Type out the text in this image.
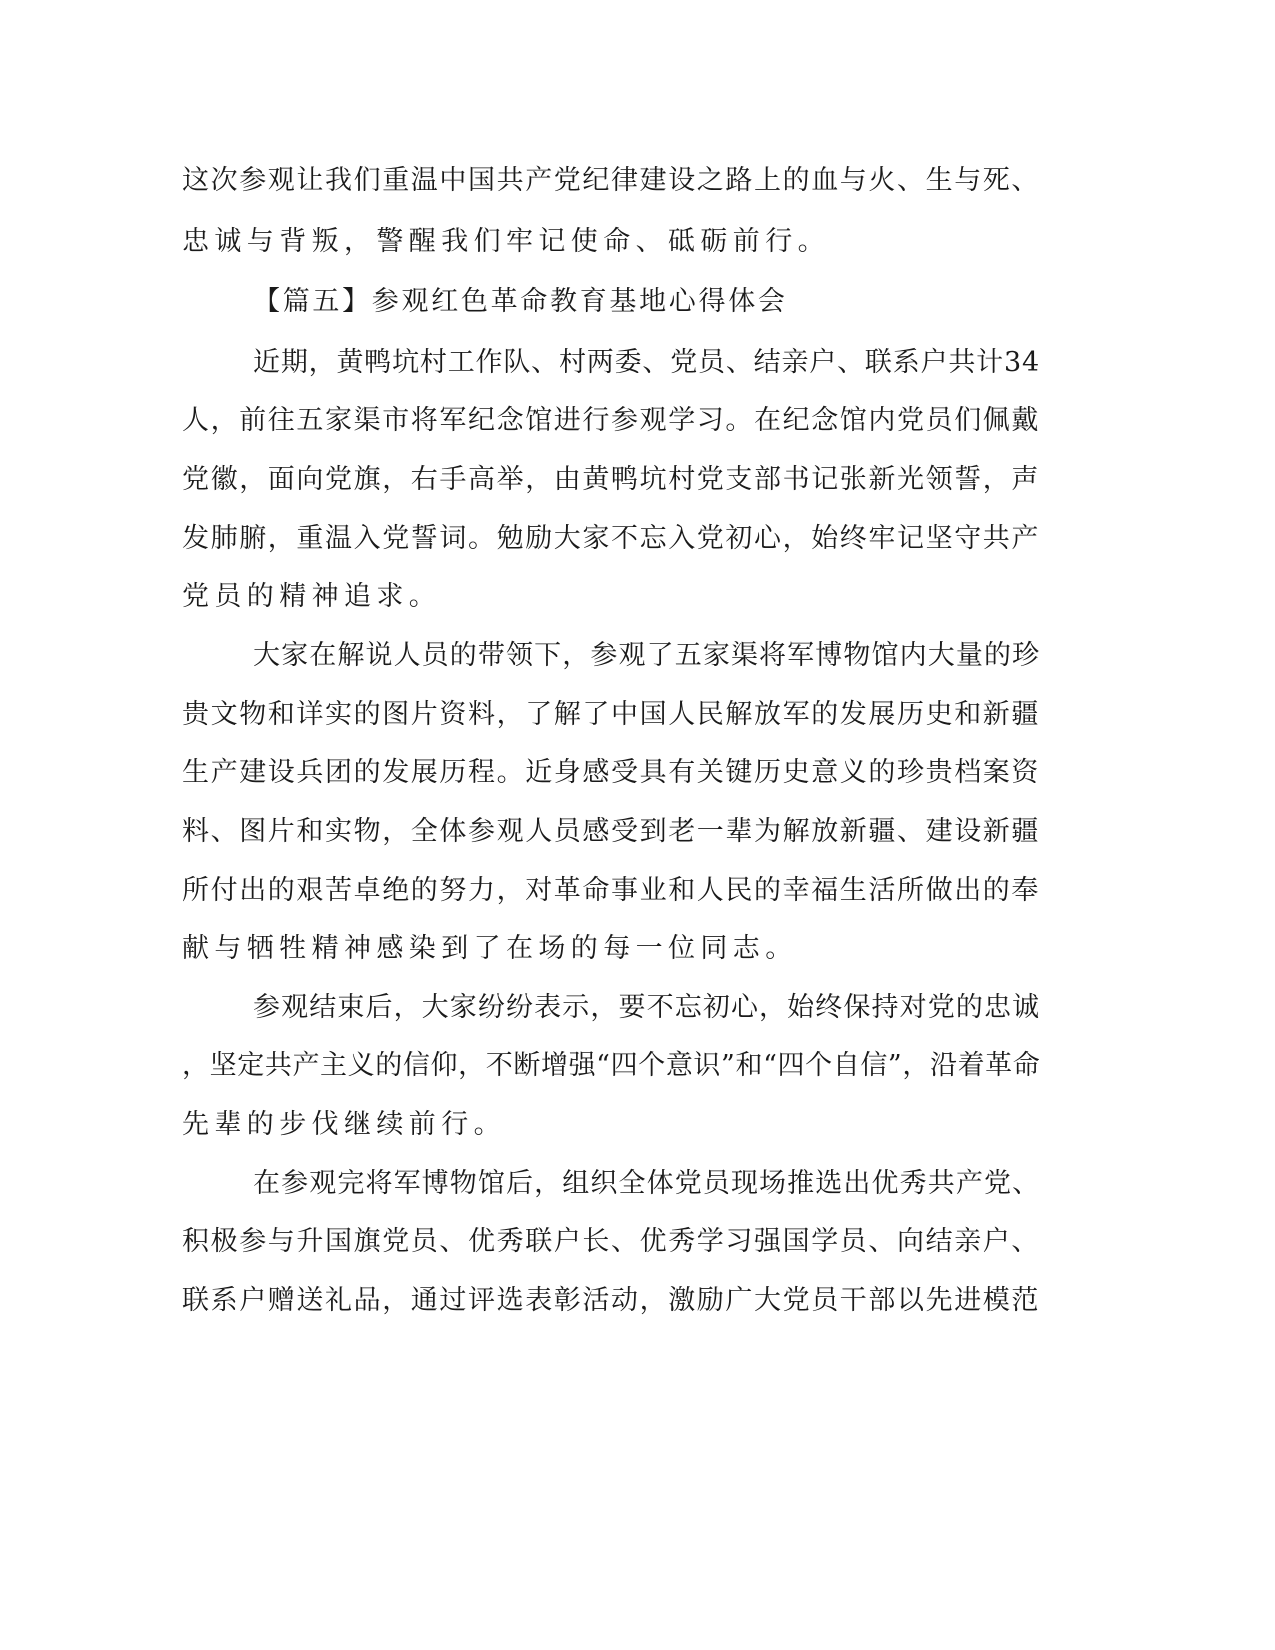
这次参观让我们重温中国共产党纪律建设之路上的血与火、生与死、
忠诚与背叛，警醒我们牢记使命、砥砺前行。
【篇五】参观红色革命教育基地心得体会
近期，黄鸭坑村工作队、村两委、党员、结亲户、联系户共计34
人，前往五家渠市将军纪念馆进行参观学习。在纪念馆内党员们佩戴
党徽，面向党旗，右手高举，由黄鸭坑村党支部书记张新光领誓，声
发肺腑，重温入党誓词。勉励大家不忘入党初心，始终牢记坚守共产
党员的精神追求。
大家在解说人员的带领下，参观了五家渠将军博物馆内大量的珍
贵文物和详实的图片资料，了解了中国人民解放军的发展历史和新疆
生产建设兵团的发展历程。近身感受具有关键历史意义的珍贵档案资
料、图片和实物，全体参观人员感受到老一辈为解放新疆、建设新疆
所付出的艰苦卓绝的努力，对革命事业和人民的幸福生活所做出的奉
献与牺牲精神感染到了在场的每一位同志。
参观结束后，大家纷纷表示，要不忘初心，始终保持对党的忠诚
，坚定共产主义的信仰，不断增强“四个意识”和“四个自信”，沿着革命
先辈的步伐继续前行。
在参观完将军博物馆后，组织全体党员现场推选出优秀共产党、
积极参与升国旗党员、优秀联户长、优秀学习强国学员、向结亲户、
联系户赠送礼品，通过评选表彰活动，激励广大党员干部以先进模范
